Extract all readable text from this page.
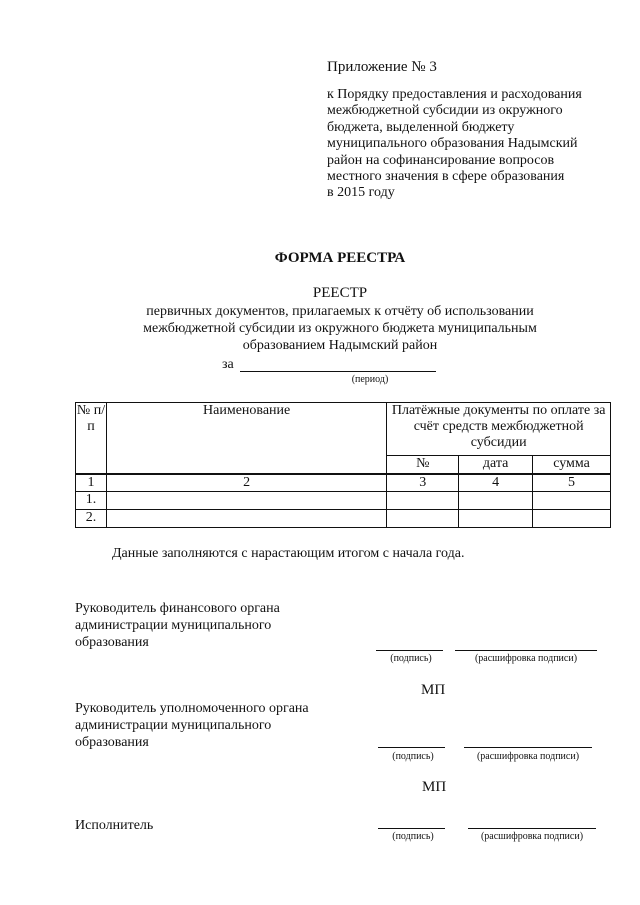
Приложение № 3
к Порядку предоставления и расходования
межбюджетной субсидии из окружного
бюджета, выделенной бюджету
муниципального образования Надымский
район на софинансирование вопросов
местного значения в сфере образования
в 2015 году
ФОРМА РЕЕСТРА
РЕЕСТР
первичных документов, прилагаемых к отчёту об использовании
межбюджетной субсидии из окружного бюджета муниципальным
образованием Надымский район
за
(период)
№ п/п	Наименование	Платёжные документы по оплате за счёт средств межбюджетной субсидии		
		№	дата	сумма
1	2	3	4	5
1.				
2.				
Данные заполняются с нарастающим итогом с начала года.
Руководитель финансового органа
администрации муниципального
образования
(подпись)	(расшифровка подписи)
МП
Руководитель уполномоченного органа
администрации муниципального
образования
(подпись)	(расшифровка подписи)
МП
Исполнитель
(подпись)	(расшифровка подписи)
